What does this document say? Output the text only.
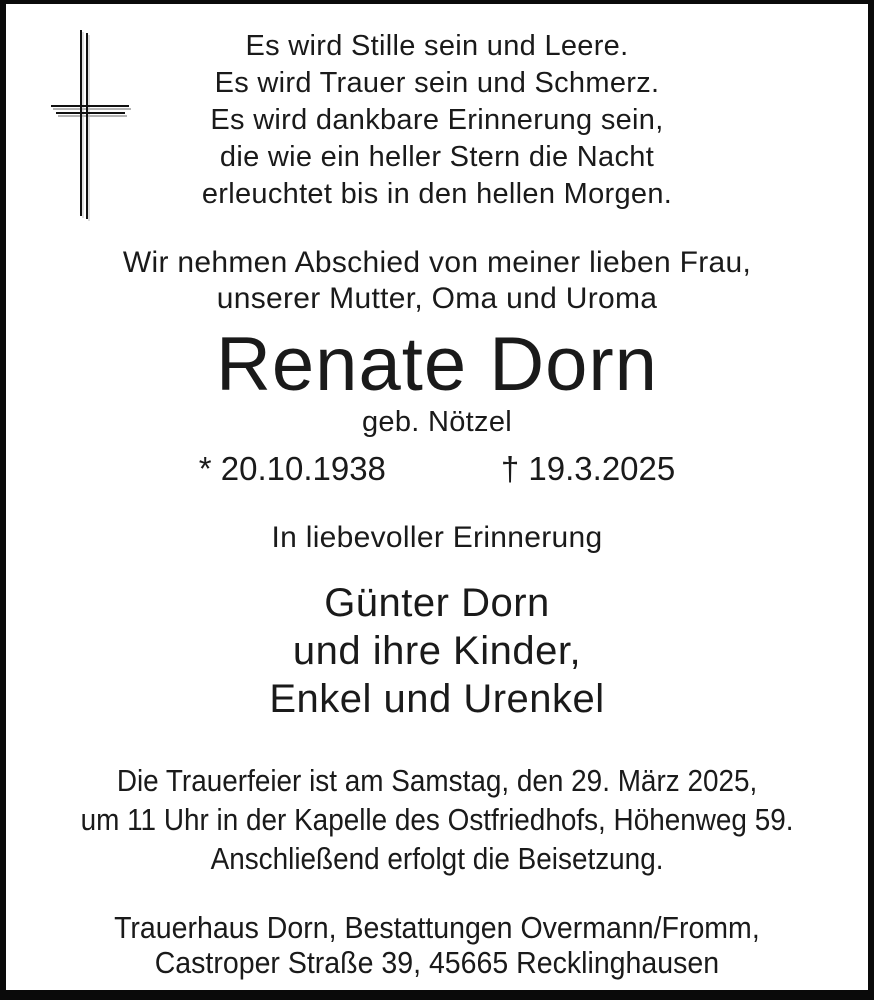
Es wird Stille sein und Leere.
Es wird Trauer sein und Schmerz.
Es wird dankbare Erinnerung sein,
die wie ein heller Stern die Nacht
erleuchtet bis in den hellen Morgen.
Wir nehmen Abschied von meiner lieben Frau,
unserer Mutter, Oma und Uroma
Renate Dorn
geb. Nötzel
* 20.10.1938	† 19.3.2025
In liebevoller Erinnerung
Günter Dorn
und ihre Kinder,
Enkel und Urenkel
Die Trauerfeier ist am Samstag, den 29. März 2025,
um 11 Uhr in der Kapelle des Ostfriedhofs, Höhenweg 59.
Anschließend erfolgt die Beisetzung.
Trauerhaus Dorn, Bestattungen Overmann/Fromm,
Castroper Straße 39, 45665 Recklinghausen
